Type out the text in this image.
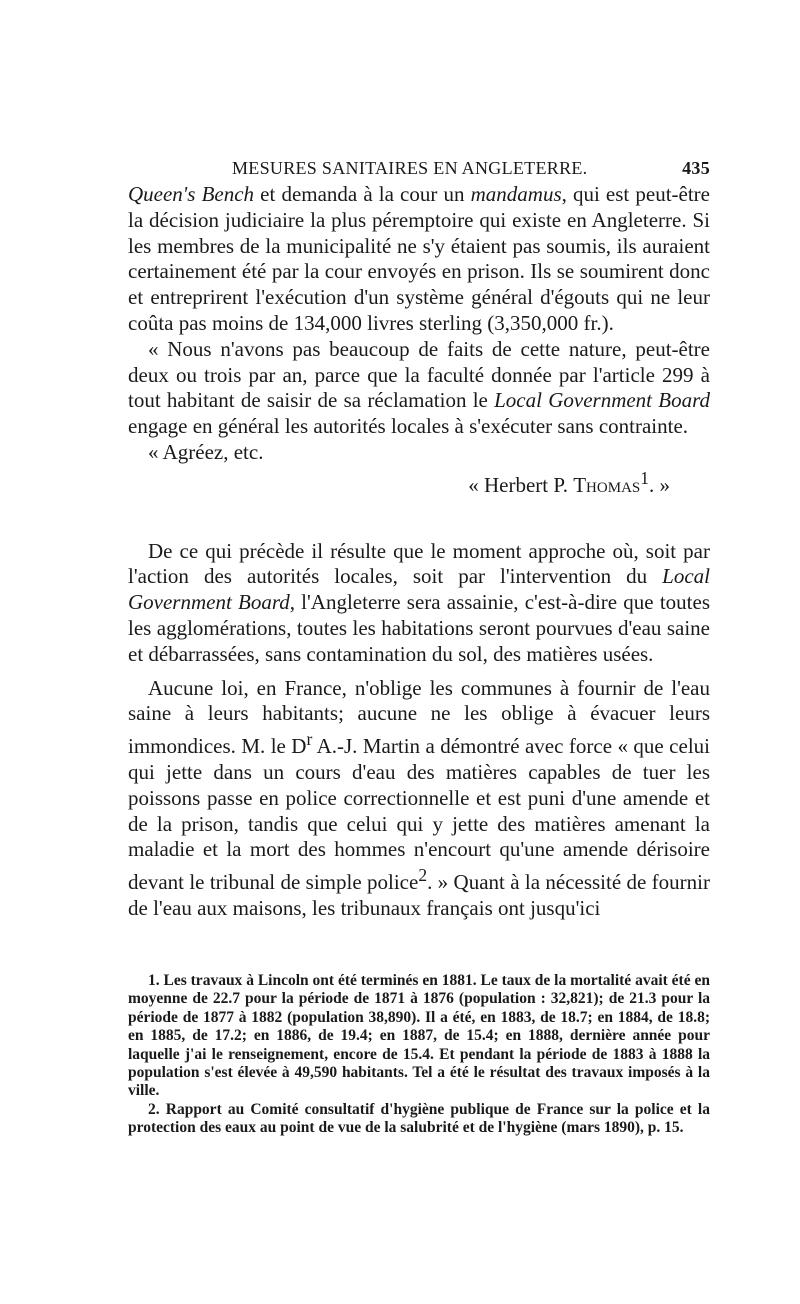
MESURES SANITAIRES EN ANGLETERRE.	435

Queen's Bench et demanda à la cour un mandamus, qui est peut-être la décision judiciaire la plus péremptoire qui existe en Angleterre. Si les membres de la municipalité ne s'y étaient pas soumis, ils auraient certainement été par la cour envoyés en prison. Ils se soumirent donc et entreprirent l'exécution d'un système général d'égouts qui ne leur coûta pas moins de 134,000 livres sterling (3,350,000 fr.).

« Nous n'avons pas beaucoup de faits de cette nature, peut-être deux ou trois par an, parce que la faculté donnée par l'article 299 à tout habitant de saisir de sa réclamation le Local Government Board engage en général les autorités locales à s'exécuter sans contrainte.

« Agréez, etc.

« Herbert P. Thomas$^1$. »

De ce qui précède il résulte que le moment approche où, soit par l'action des autorités locales, soit par l'intervention du Local Government Board, l'Angleterre sera assainie, c'est-à-dire que toutes les agglomérations, toutes les habitations seront pourvues d'eau saine et débarrassées, sans contamination du sol, des matières usées.

Aucune loi, en France, n'oblige les communes à fournir de l'eau saine à leurs habitants; aucune ne les oblige à évacuer leurs immondices. M. le $D^r$ A.-J. Martin a démontré avec force « que celui qui jette dans un cours d'eau des matières capables de tuer les poissons passe en police correctionnelle et est puni d'une amende et de la prison, tandis que celui qui y jette des matières amenant la maladie et la mort des hommes n'encourt qu'une amende dérisoire devant le tribunal de simple police$^2$. » Quant à la nécessité de fournir de l'eau aux maisons, les tribunaux français ont jusqu'ici

1. Les travaux à Lincoln ont été terminés en 1881. Le taux de la mortalité avait été en moyenne de 22.7 pour la période de 1871 à 1876 (population : 32,821); de 21.3 pour la période de 1877 à 1882 (population 38,890). Il a été, en 1883, de 18.7; en 1884, de 18.8; en 1885, de 17.2; en 1886, de 19.4; en 1887, de 15.4; en 1888, dernière année pour laquelle j'ai le renseignement, encore de 15.4. Et pendant la période de 1883 à 1888 la population s'est élevée à 49,590 habitants. Tel a été le résultat des travaux imposés à la ville.

2. Rapport au Comité consultatif d'hygiène publique de France sur la police et la protection des eaux au point de vue de la salubrité et de l'hygiène (mars 1890), p. 15.
